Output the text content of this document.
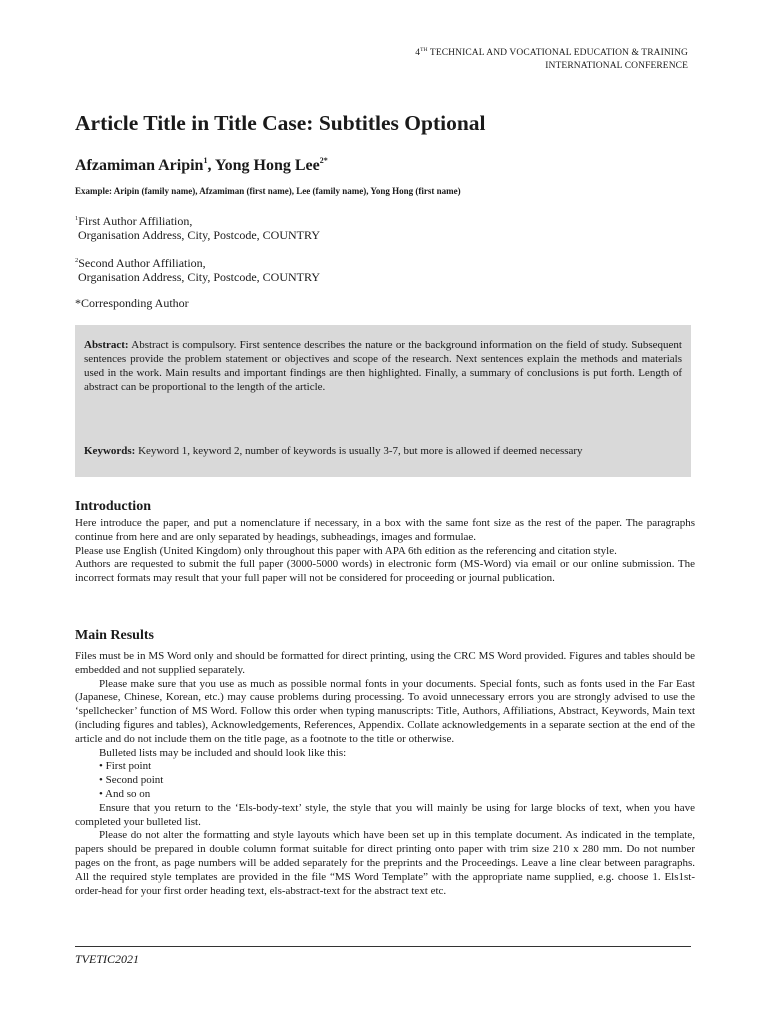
4TH TECHNICAL AND VOCATIONAL EDUCATION & TRAINING
INTERNATIONAL CONFERENCE
Article Title in Title Case: Subtitles Optional
Afzamiman Aripin$^1$, Yong Hong Lee$^{2*}$
Example: Aripin (family name), Afzamiman (first name), Lee (family name), Yong Hong (first name)
$^1$First Author Affiliation,
Organisation Address, City, Postcode, COUNTRY
$^2$Second Author Affiliation,
Organisation Address, City, Postcode, COUNTRY
*Corresponding Author
Abstract: Abstract is compulsory. First sentence describes the nature or the background information on the field of study. Subsequent sentences provide the problem statement or objectives and scope of the research. Next sentences explain the methods and materials used in the work. Main results and important findings are then highlighted. Finally, a summary of conclusions is put forth. Length of abstract can be proportional to the length of the article.
Keywords: Keyword 1, keyword 2, number of keywords is usually 3-7, but more is allowed if deemed necessary
Introduction

Here introduce the paper, and put a nomenclature if necessary, in a box with the same font size as the rest of the paper. The paragraphs continue from here and are only separated by headings, subheadings, images and formulae.

Please use English (United Kingdom) only throughout this paper with APA 6th edition as the referencing and citation style.

Authors are requested to submit the full paper (3000-5000 words) in electronic form (MS-Word) via email or our online submission. The incorrect formats may result that your full paper will not be considered for proceeding or journal publication.

Main Results

Files must be in MS Word only and should be formatted for direct printing, using the CRC MS Word provided. Figures and tables should be embedded and not supplied separately.

Please make sure that you use as much as possible normal fonts in your documents. Special fonts, such as fonts used in the Far East (Japanese, Chinese, Korean, etc.) may cause problems during processing. To avoid unnecessary errors you are strongly advised to use the ‘spellchecker’ function of MS Word. Follow this order when typing manuscripts: Title, Authors, Affiliations, Abstract, Keywords, Main text (including figures and tables), Acknowledgements, References, Appendix. Collate acknowledgements in a separate section at the end of the article and do not include them on the title page, as a footnote to the title or otherwise.

Bulleted lists may be included and should look like this:

• First point

• Second point

• And so on

Ensure that you return to the ‘Els-body-text’ style, the style that you will mainly be using for large blocks of text, when you have completed your bulleted list.

Please do not alter the formatting and style layouts which have been set up in this template document. As indicated in the template, papers should be prepared in double column format suitable for direct printing onto paper with trim size 210 x 280 mm. Do not number pages on the front, as page numbers will be added separately for the preprints and the Proceedings. Leave a line clear between paragraphs. All the required style templates are provided in the file “MS Word Template” with the appropriate name supplied, e.g. choose 1. Els1st-order-head for your first order heading text, els-abstract-text for the abstract text etc.

TVETIC2021
